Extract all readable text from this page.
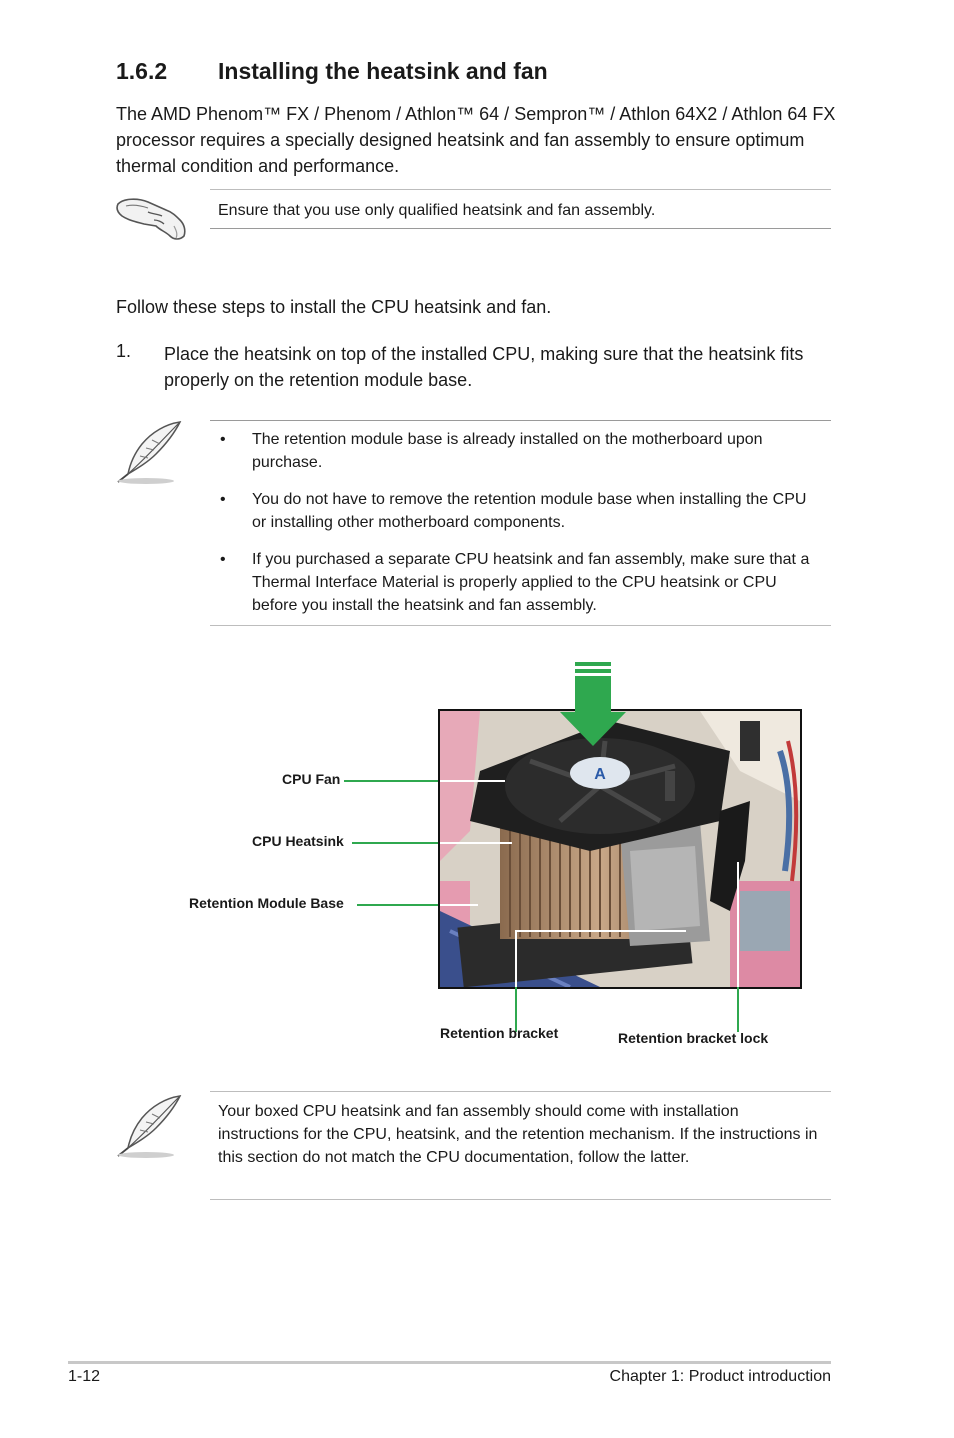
1.6.2 Installing the heatsink and fan
The AMD Phenom™ FX / Phenom / Athlon™ 64 / Sempron™ / Athlon 64X2 / Athlon 64 FX processor requires a specially designed heatsink and fan assembly to ensure optimum thermal condition and performance.
Ensure that you use only qualified heatsink and fan assembly.
Follow these steps to install the CPU heatsink and fan.
1. Place the heatsink on top of the installed CPU, making sure that the heatsink fits properly on the retention module base.
• The retention module base is already installed on the motherboard upon purchase.
• You do not have to remove the retention module base when installing the CPU or installing other motherboard components.
• If you purchased a separate CPU heatsink and fan assembly, make sure that a Thermal Interface Material is properly applied to the CPU heatsink or CPU before you install the heatsink and fan assembly.
A
CPU Fan
CPU Heatsink
Retention Module Base
Retention bracket	Retention bracket lock
Your boxed CPU heatsink and fan assembly should come with installation instructions for the CPU, heatsink, and the retention mechanism. If the instructions in this section do not match the CPU documentation, follow the latter.
1-12	Chapter 1: Product introduction
